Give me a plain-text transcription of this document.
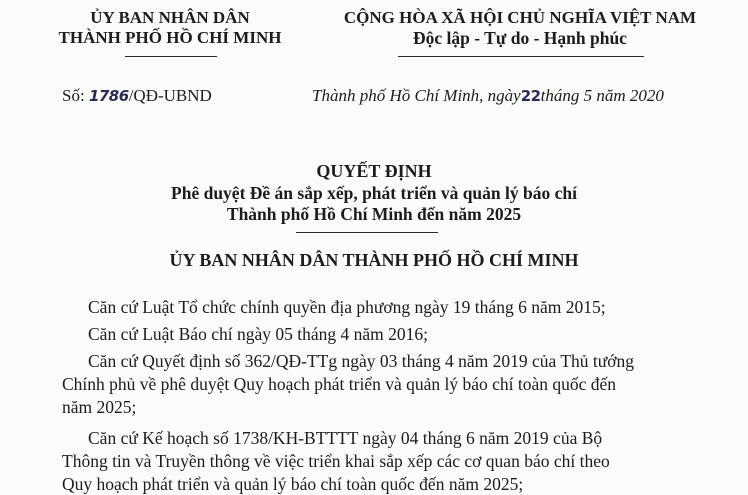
ỦY BAN NHÂN DÂN
THÀNH PHỐ HỒ CHÍ MINH
CỘNG HÒA XÃ HỘI CHỦ NGHĨA VIỆT NAM
Độc lập - Tự do - Hạnh phúc
Số: 1786/QĐ-UBND	Thành phố Hồ Chí Minh, ngày22tháng 5 năm 2020
QUYẾT ĐỊNH
Phê duyệt Đề án sắp xếp, phát triển và quản lý báo chí
Thành phố Hồ Chí Minh đến năm 2025
ỦY BAN NHÂN DÂN THÀNH PHỐ HỒ CHÍ MINH
Căn cứ Luật Tổ chức chính quyền địa phương ngày 19 tháng 6 năm 2015;
Căn cứ Luật Báo chí ngày 05 tháng 4 năm 2016;
Căn cứ Quyết định số 362/QĐ-TTg ngày 03 tháng 4 năm 2019 của Thủ tướng
Chính phủ về phê duyệt Quy hoạch phát triển và quản lý báo chí toàn quốc đến
năm 2025;
Căn cứ Kế hoạch số 1738/KH-BTTTT ngày 04 tháng 6 năm 2019 của Bộ
Thông tin và Truyền thông về việc triển khai sắp xếp các cơ quan báo chí theo
Quy hoạch phát triển và quản lý báo chí toàn quốc đến năm 2025;
